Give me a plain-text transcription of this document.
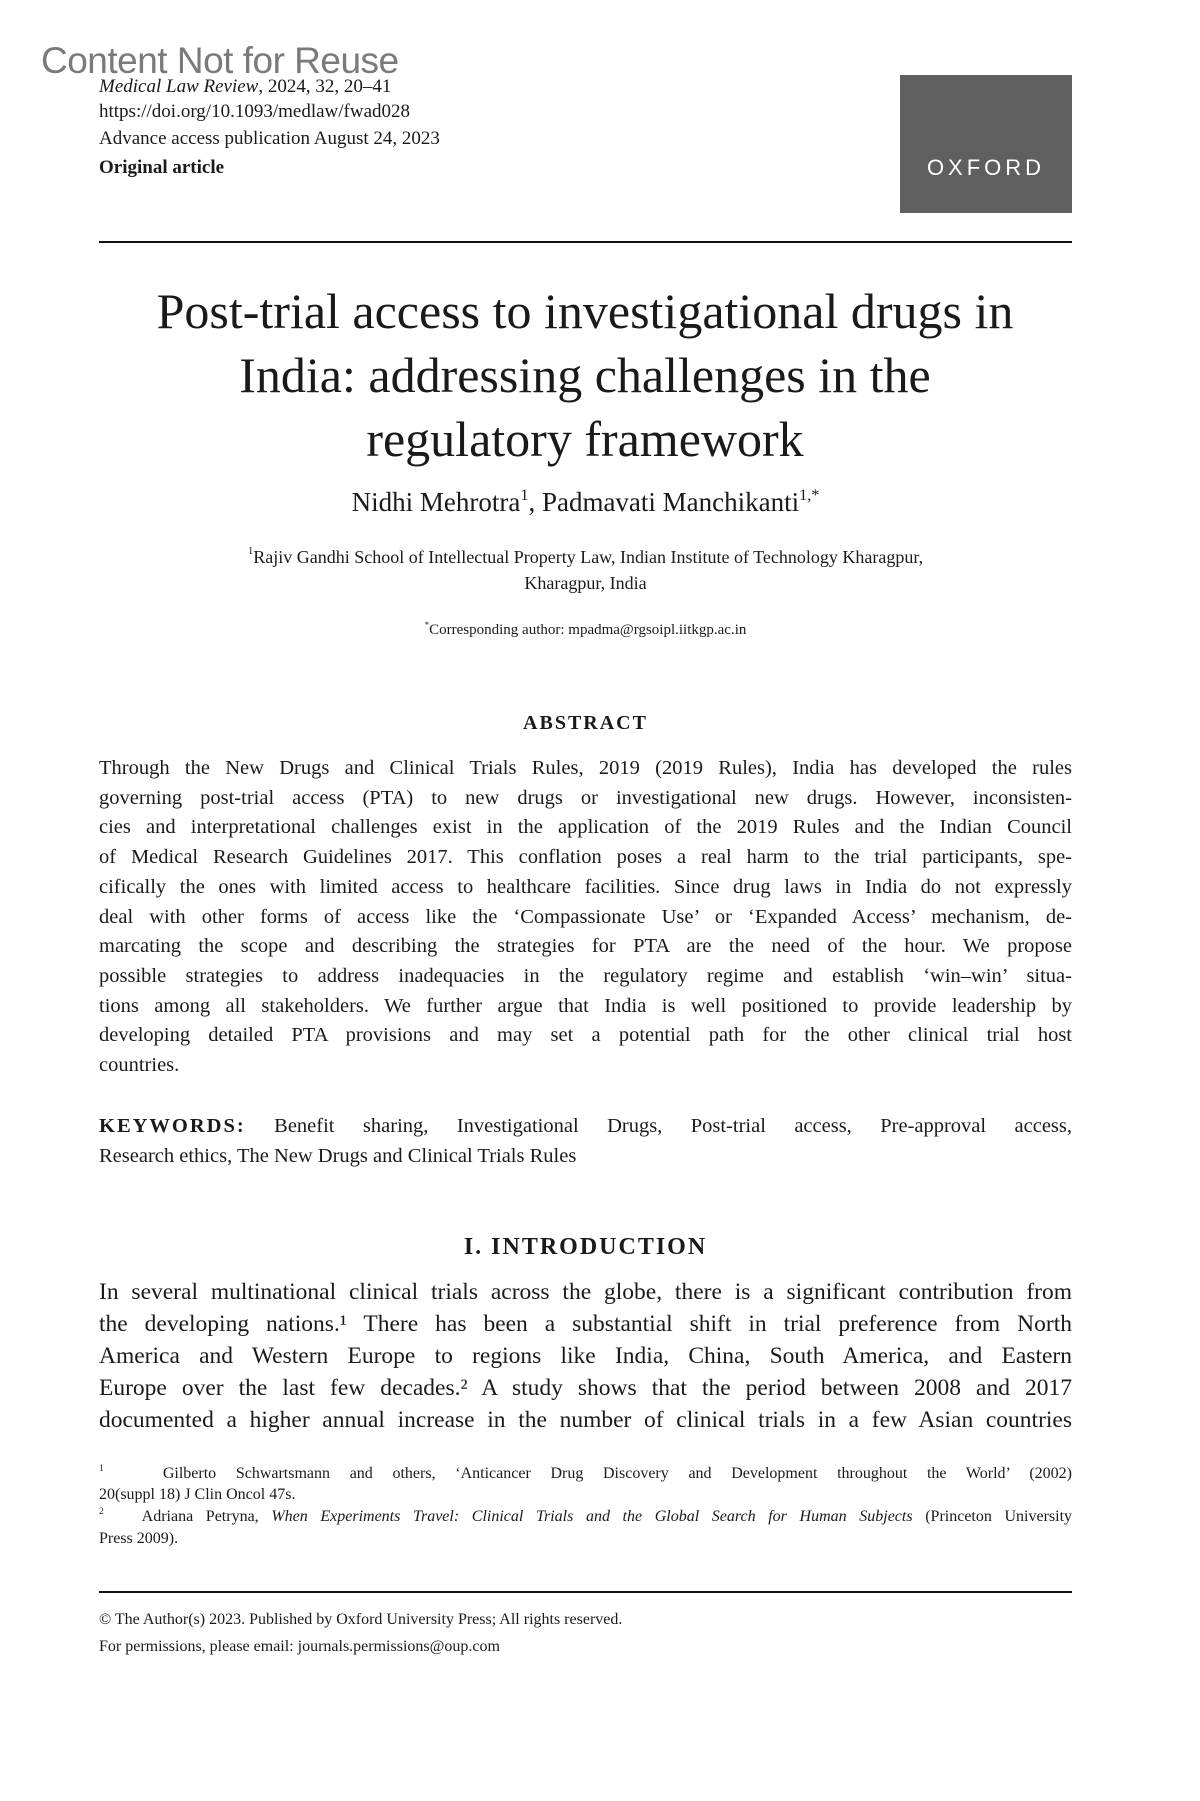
Content Not for Reuse
Medical Law Review, 2024, 32, 20–41
https://doi.org/10.1093/medlaw/fwad028
Advance access publication August 24, 2023
Original article	OXFORD
Post-trial access to investigational drugs in
India: addressing challenges in the
regulatory framework
Nidhi Mehrotra$^1$, Padmavati Manchikanti$^{1,*}$
$^1$Rajiv Gandhi School of Intellectual Property Law, Indian Institute of Technology Kharagpur,
Kharagpur, India
*Corresponding author: mpadma@rgsoipl.iitkgp.ac.in
ABSTRACT
Through the New Drugs and Clinical Trials Rules, 2019 (2019 Rules), India has developed the rules
governing post-trial access (PTA) to new drugs or investigational new drugs. However, inconsisten-
cies and interpretational challenges exist in the application of the 2019 Rules and the Indian Council
of Medical Research Guidelines 2017. This conflation poses a real harm to the trial participants, spe-
cifically the ones with limited access to healthcare facilities. Since drug laws in India do not expressly
deal with other forms of access like the ‘Compassionate Use’ or ‘Expanded Access’ mechanism, de-
marcating the scope and describing the strategies for PTA are the need of the hour. We propose
possible strategies to address inadequacies in the regulatory regime and establish ‘win–win’ situa-
tions among all stakeholders. We further argue that India is well positioned to provide leadership by
developing detailed PTA provisions and may set a potential path for the other clinical trial host
countries.
KEYWORDS: Benefit sharing, Investigational Drugs, Post-trial access, Pre-approval access,
Research ethics, The New Drugs and Clinical Trials Rules
I. INTRODUCTION
In several multinational clinical trials across the globe, there is a significant contribution from
the developing nations.¹ There has been a substantial shift in trial preference from North
America and Western Europe to regions like India, China, South America, and Eastern
Europe over the last few decades.² A study shows that the period between 2008 and 2017
documented a higher annual increase in the number of clinical trials in a few Asian countries
$^1$	Gilberto Schwartsmann and others, ‘Anticancer Drug Discovery and Development throughout the World’ (2002)
20(suppl 18) J Clin Oncol 47s.
$^2$ Adriana Petryna, When Experiments Travel: Clinical Trials and the Global Search for Human Subjects (Princeton University
Press 2009).
© The Author(s) 2023. Published by Oxford University Press; All rights reserved.
For permissions, please email: journals.permissions@oup.com
